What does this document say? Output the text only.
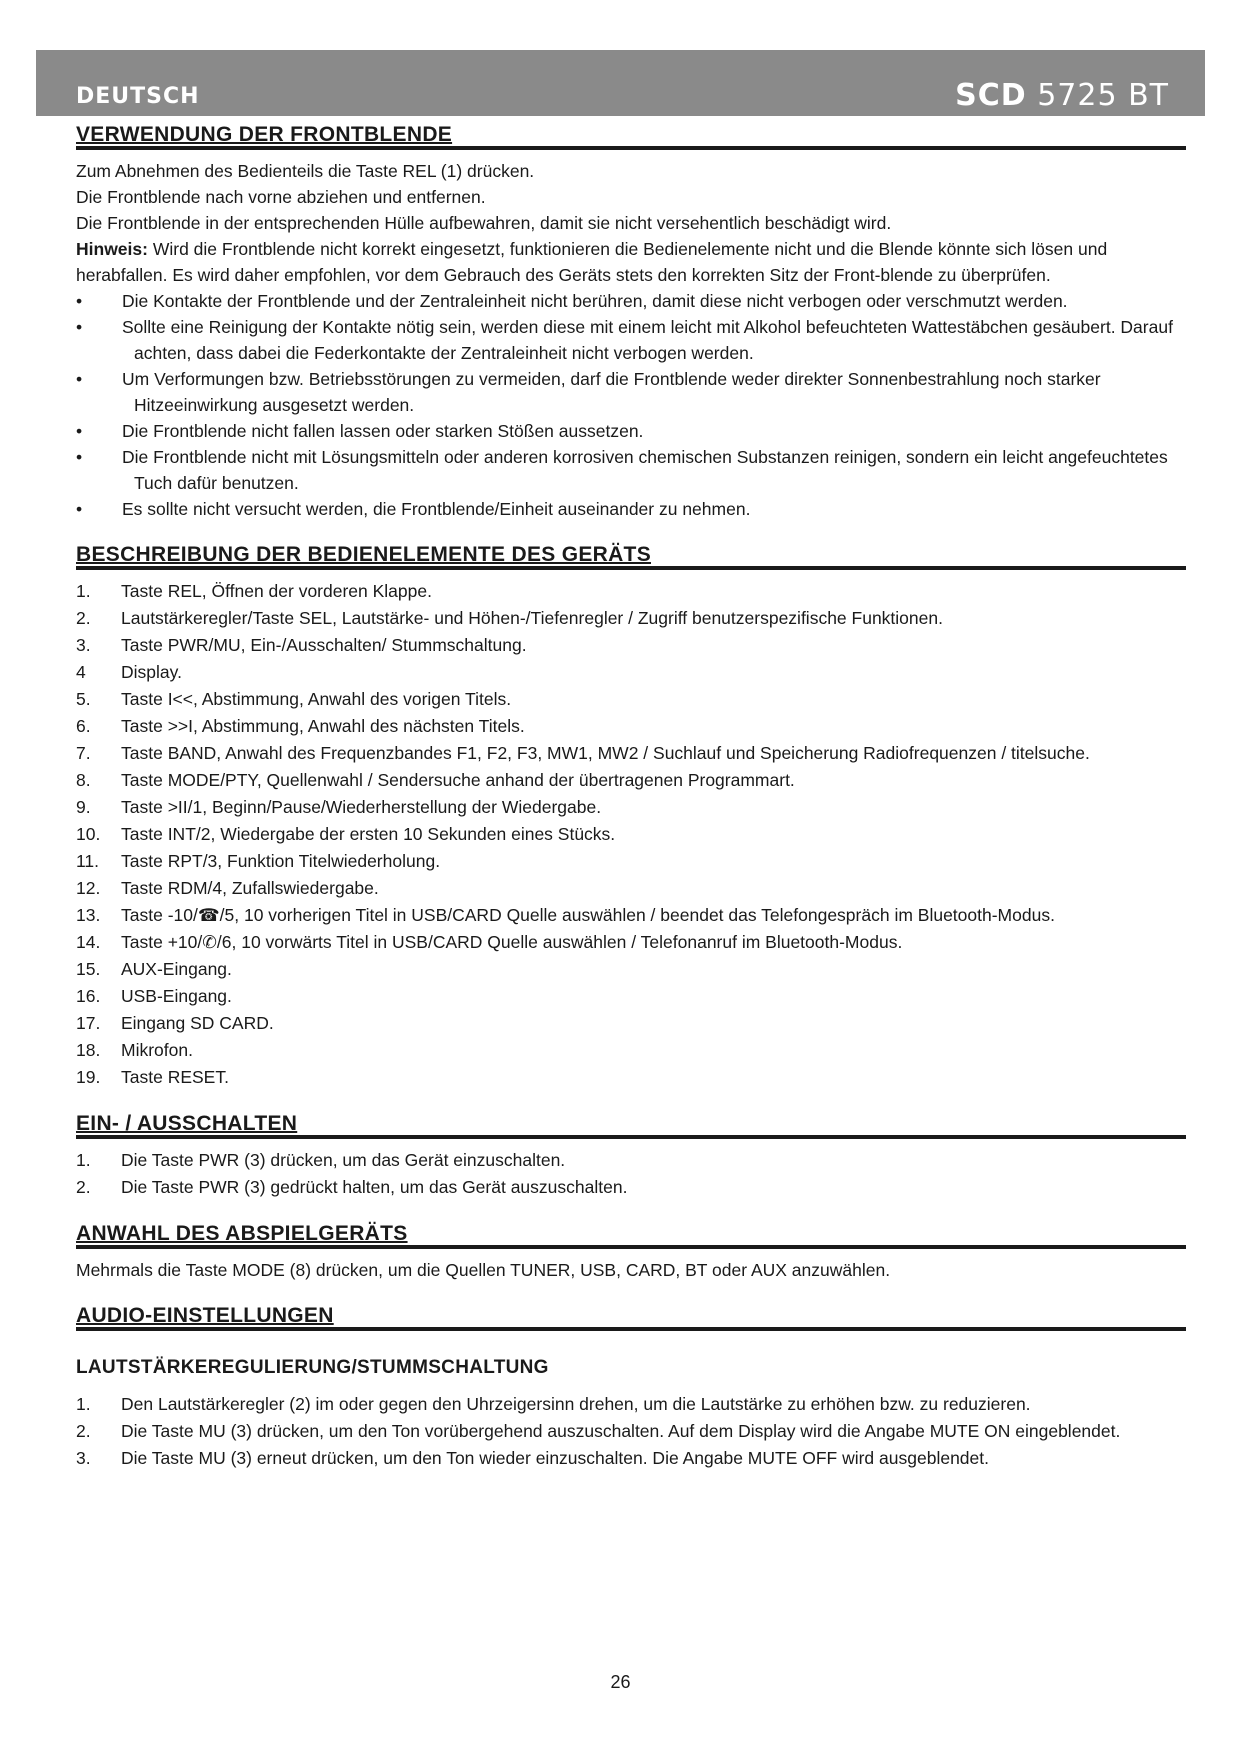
DEUTSCH	SCD 5725 BT
VERWENDUNG DER FRONTBLENDE

Zum Abnehmen des Bedienteils die Taste REL (1) drücken.

Die Frontblende nach vorne abziehen und entfernen.

Die Frontblende in der entsprechenden Hülle aufbewahren, damit sie nicht versehentlich beschädigt wird.

Hinweis: Wird die Frontblende nicht korrekt eingesetzt, funktionieren die Bedienelemente nicht und die Blende könnte sich lösen und herabfallen. Es wird daher empfohlen, vor dem Gebrauch des Geräts stets den korrekten Sitz der Front-blende zu überprüfen.

•	Die Kontakte der Frontblende und der Zentraleinheit nicht berühren, damit diese nicht verbogen oder verschmutzt werden.
•	Sollte eine Reinigung der Kontakte nötig sein, werden diese mit einem leicht mit Alkohol befeuchteten Wattestäbchen gesäubert. Darauf achten, dass dabei die Federkontakte der Zentraleinheit nicht verbogen werden.
•	Um Verformungen bzw. Betriebsstörungen zu vermeiden, darf die Frontblende weder direkter Sonnenbestrahlung noch starker Hitzeeinwirkung ausgesetzt werden.
•	Die Frontblende nicht fallen lassen oder starken Stößen aussetzen.
•	Die Frontblende nicht mit Lösungsmitteln oder anderen korrosiven chemischen Substanzen reinigen, sondern ein leicht angefeuchtetes Tuch dafür benutzen.
•	Es sollte nicht versucht werden, die Frontblende/Einheit auseinander zu nehmen.
BESCHREIBUNG DER BEDIENELEMENTE DES GERÄTS
1. Taste REL, Öffnen der vorderen Klappe.
2. Lautstärkeregler/Taste SEL, Lautstärke- und Höhen-/Tiefenregler / Zugriff benutzerspezifische Funktionen.
3. Taste PWR/MU, Ein-/Ausschalten/ Stummschaltung.
4 Display.
5. Taste I<<, Abstimmung, Anwahl des vorigen Titels.
6. Taste >>I, Abstimmung, Anwahl des nächsten Titels.
7. Taste BAND, Anwahl des Frequenzbandes F1, F2, F3, MW1, MW2 / Suchlauf und Speicherung Radiofrequenzen / titelsuche.
8. Taste MODE/PTY, Quellenwahl / Sendersuche anhand der übertragenen Programmart.
9. Taste >II/1, Beginn/Pause/Wiederherstellung der Wiedergabe.
10. Taste INT/2, Wiedergabe der ersten 10 Sekunden eines Stücks.
11. Taste RPT/3, Funktion Titelwiederholung.
12. Taste RDM/4, Zufallswiedergabe.
13. Taste -10/☎/5, 10 vorherigen Titel in USB/CARD Quelle auswählen / beendet das Telefongespräch im Bluetooth-Modus.
14. Taste +10/✆/6, 10 vorwärts Titel in USB/CARD Quelle auswählen / Telefonanruf im Bluetooth-Modus.
15. AUX-Eingang.
16. USB-Eingang.
17. Eingang SD CARD.
18. Mikrofon.
19. Taste RESET.
EIN- / AUSSCHALTEN
1. Die Taste PWR (3) drücken, um das Gerät einzuschalten.
2. Die Taste PWR (3) gedrückt halten, um das Gerät auszuschalten.
ANWAHL DES ABSPIELGERÄTS

Mehrmals die Taste MODE (8) drücken, um die Quellen TUNER, USB, CARD, BT oder AUX anzuwählen.

AUDIO-EINSTELLUNGEN
LAUTSTÄRKEREGULIERUNG/STUMMSCHALTUNG
1. Den Lautstärkeregler (2) im oder gegen den Uhrzeigersinn drehen, um die Lautstärke zu erhöhen bzw. zu reduzieren.
2. Die Taste MU (3) drücken, um den Ton vorübergehend auszuschalten. Auf dem Display wird die Angabe MUTE ON eingeblendet.
3. Die Taste MU (3) erneut drücken, um den Ton wieder einzuschalten. Die Angabe MUTE OFF wird ausgeblendet.
26
